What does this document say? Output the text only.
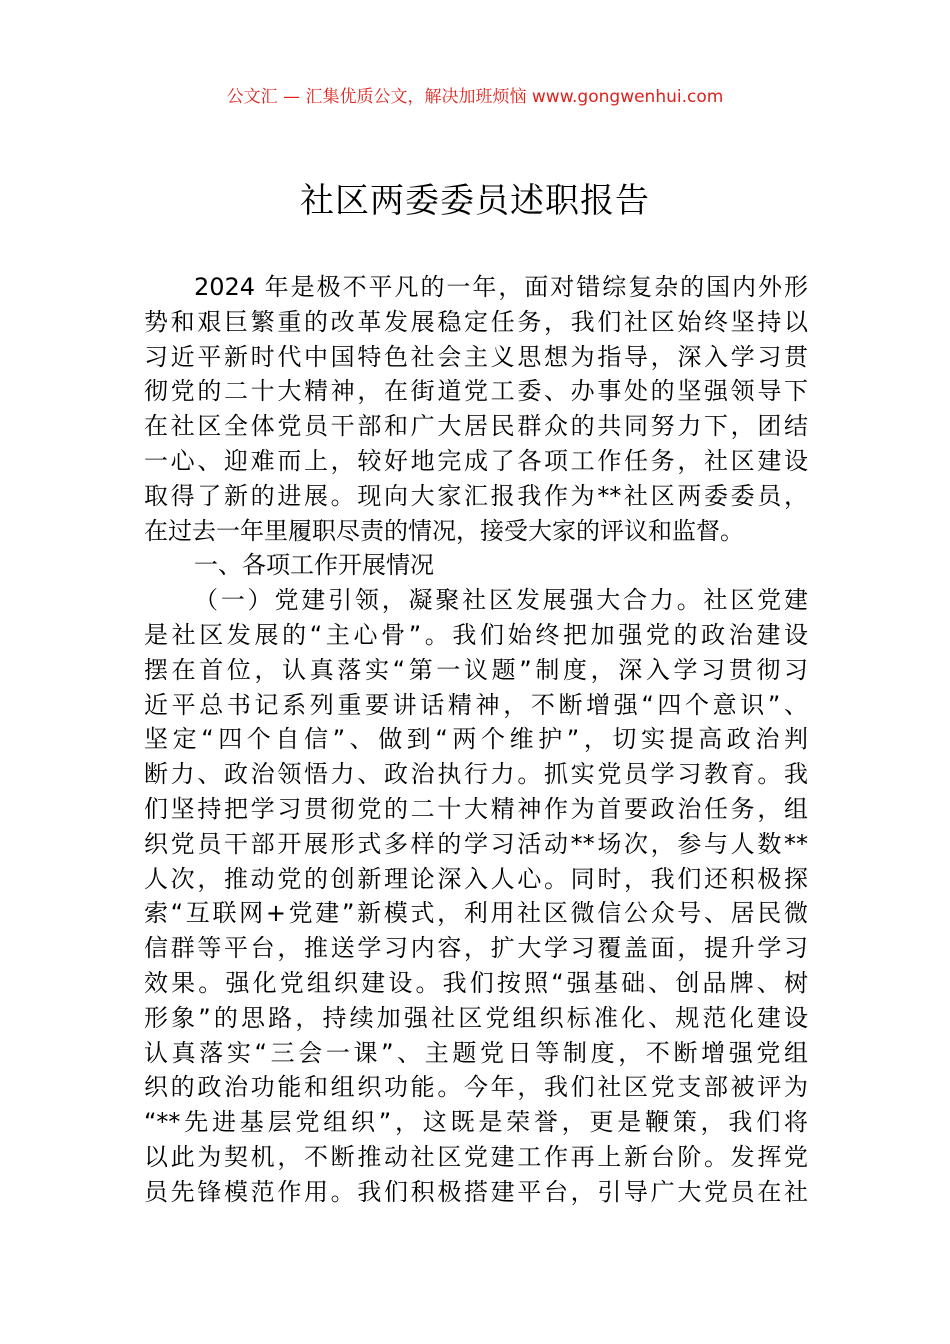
公文汇 — 汇集优质公文，解决加班烦恼 www.gongwenhui.com
社区两委委员述职报告
2024 年是极不平凡的一年，面对错综复杂的国内外形
势和艰巨繁重的改革发展稳定任务，我们社区始终坚持以
习近平新时代中国特色社会主义思想为指导，深入学习贯
彻党的二十大精神，在街道党工委、办事处的坚强领导下
在社区全体党员干部和广大居民群众的共同努力下，团结
一心、迎难而上，较好地完成了各项工作任务，社区建设
取得了新的进展。现向大家汇报我作为**社区两委委员，
在过去一年里履职尽责的情况，接受大家的评议和监督。
一、各项工作开展情况
（一）党建引领，凝聚社区发展强大合力。社区党建
是社区发展的“主心骨”。我们始终把加强党的政治建设
摆在首位，认真落实“第一议题”制度，深入学习贯彻习
近平总书记系列重要讲话精神，不断增强“四个意识”、
坚定“四个自信”、做到“两个维护”，切实提高政治判
断力、政治领悟力、政治执行力。抓实党员学习教育。我
们坚持把学习贯彻党的二十大精神作为首要政治任务，组
织党员干部开展形式多样的学习活动**场次，参与人数**
人次，推动党的创新理论深入人心。同时，我们还积极探
索“互联网+党建”新模式，利用社区微信公众号、居民微
信群等平台，推送学习内容，扩大学习覆盖面，提升学习
效果。强化党组织建设。我们按照“强基础、创品牌、树
形象”的思路，持续加强社区党组织标准化、规范化建设
认真落实“三会一课”、主题党日等制度，不断增强党组
织的政治功能和组织功能。今年，我们社区党支部被评为
“**先进基层党组织”，这既是荣誉，更是鞭策，我们将
以此为契机，不断推动社区党建工作再上新台阶。发挥党
员先锋模范作用。我们积极搭建平台，引导广大党员在社
